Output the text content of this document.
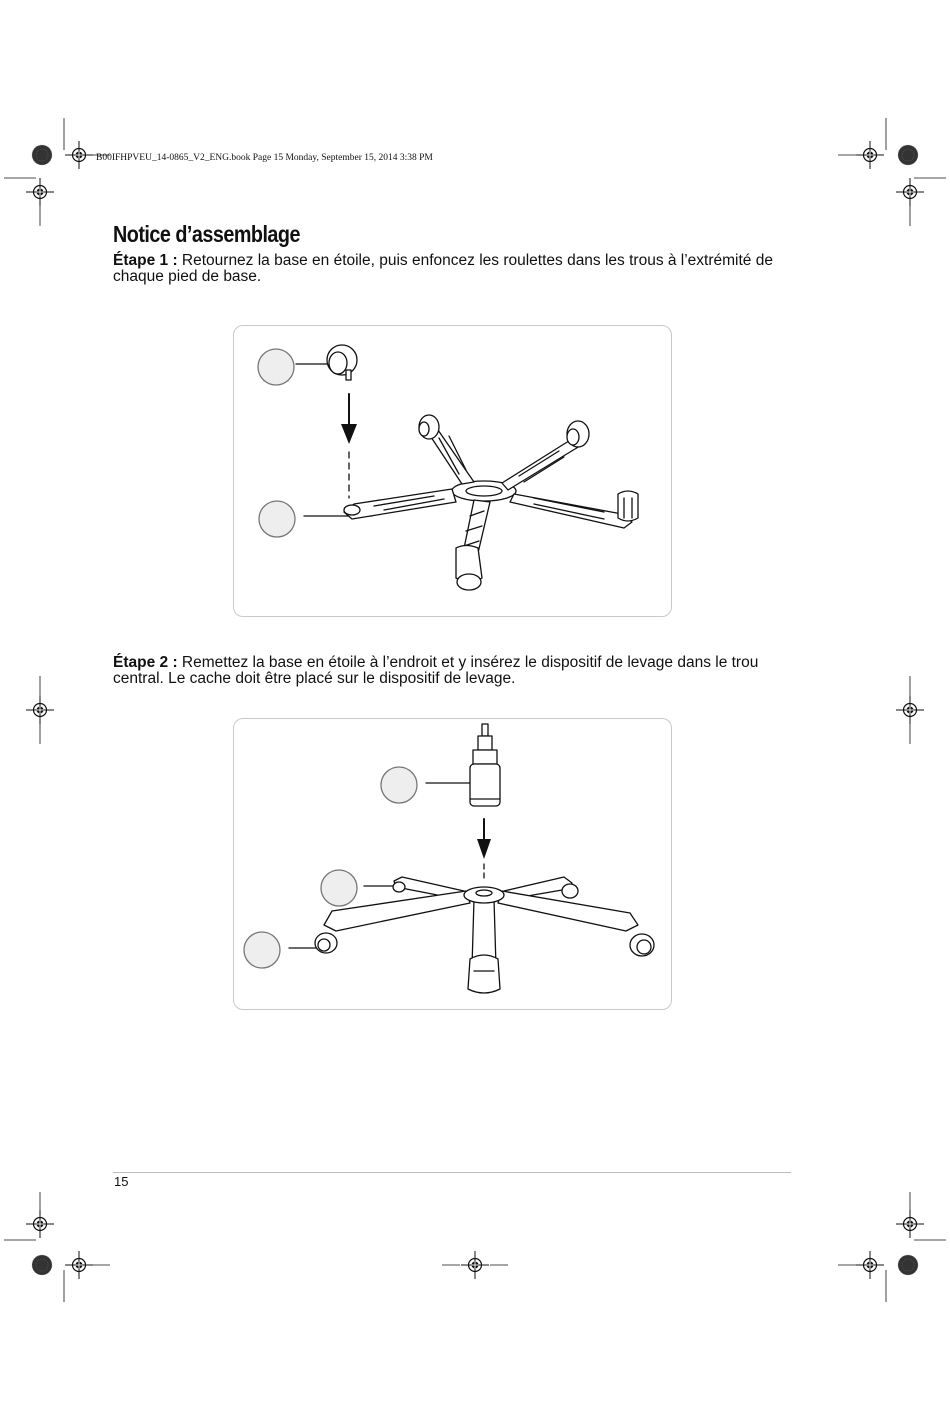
B00IFHPVEU_14-0865_V2_ENG.book Page 15 Monday, September 15, 2014 3:38 PM
Notice d’assemblage
Étape 1 : Retournez la base en étoile, puis enfoncez les roulettes dans les trous à l’extrémité de chaque pied de base.
Étape 2 : Remettez la base en étoile à l’endroit et y insérez le dispositif de levage dans le trou central. Le cache doit être placé sur le dispositif de levage.
15
